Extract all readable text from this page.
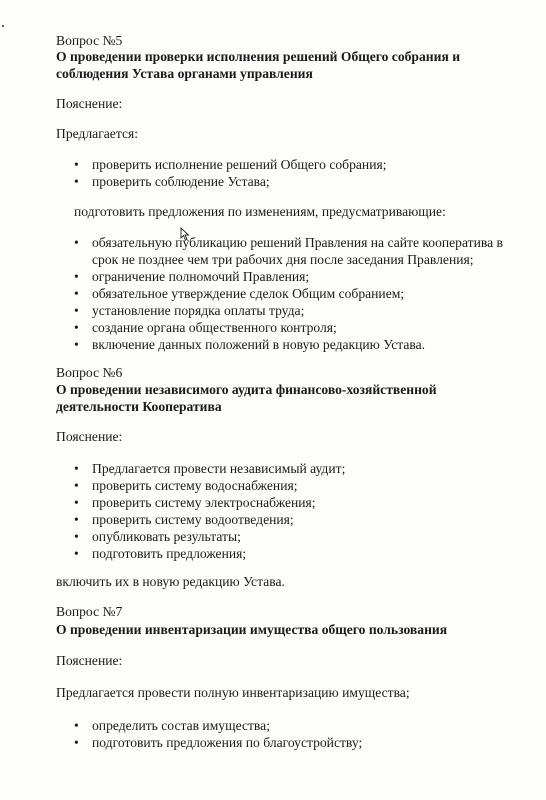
Вопрос №5

О проведении проверки исполнения решений Общего собрания и

соблюдения Устава органами управления

Пояснение:

Предлагается:

• проверить исполнение решений Общего собрания;
• проверить соблюдение Устава;

подготовить предложения по изменениям, предусматривающие:

• обязательную публикацию решений Правления на сайте кооператива в
срок не позднее чем три рабочих дня после заседания Правления;
• ограничение полномочий Правления;
• обязательное утверждение сделок Общим собранием;
• установление порядка оплаты труда;
• создание органа общественного контроля;
• включение данных положений в новую редакцию Устава.

Вопрос №6

О проведении независимого аудита финансово-хозяйственной

деятельности Кооператива

Пояснение:

• Предлагается провести независимый аудит;
• проверить систему водоснабжения;
• проверить систему электроснабжения;
• проверить систему водоотведения;
• опубликовать результаты;
• подготовить предложения;

включить их в новую редакцию Устава.

Вопрос №7

О проведении инвентаризации имущества общего пользования

Пояснение:

Предлагается провести полную инвентаризацию имущества;

• определить состав имущества;
• подготовить предложения по благоустройству;
